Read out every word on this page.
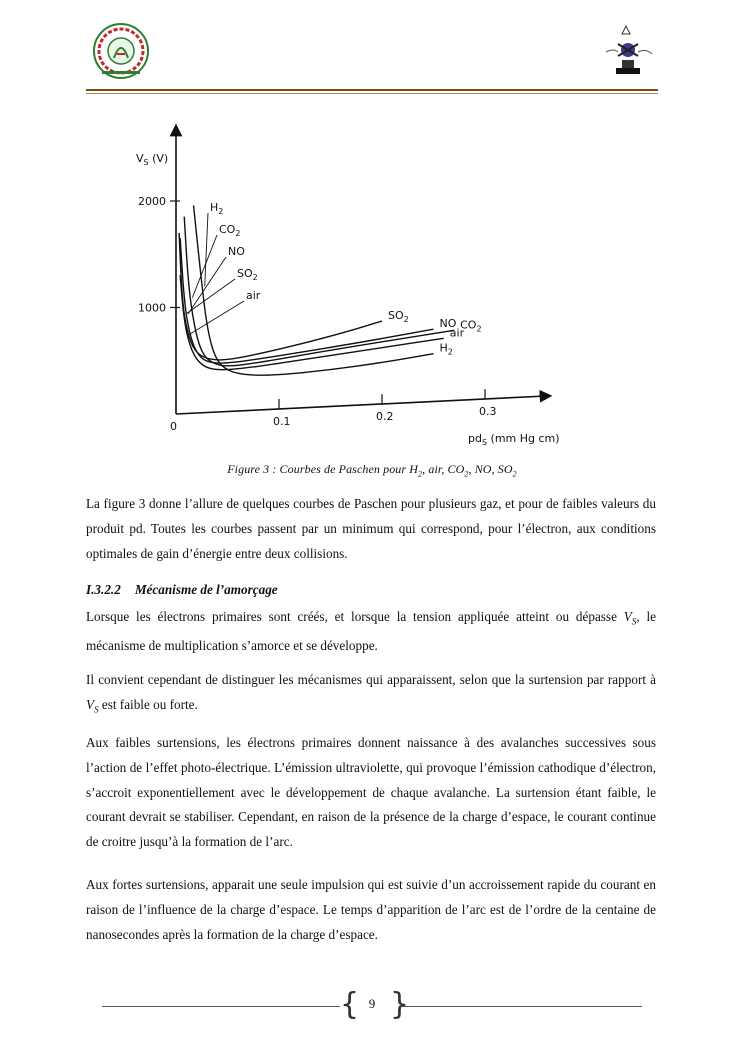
0	0.1	0.2	0.3
1000
2000
$H_2$
$H_2$
$CO_2$
$CO_2$
NO
NO
$SO_2$
$SO_2$
air
air
$V_S$ (V)
$pd_S$ (mm Hg cm)
Figure 3 : Courbes de Paschen pour $H_2$, air, $CO_2$, NO, $SO_2$
La figure 3 donne l’allure de quelques courbes de Paschen pour plusieurs gaz, et pour de faibles valeurs du produit pd. Toutes les courbes passent par un minimum qui correspond, pour l’électron, aux conditions optimales de gain d’énergie entre deux collisions.
I.3.2.2 Mécanisme de l’amorçage
Lorsque les électrons primaires sont créés, et lorsque la tension appliquée atteint ou dépasse $V_S$, le mécanisme de multiplication s’amorce et se développe.
Il convient cependant de distinguer les mécanismes qui apparaissent, selon que la surtension par rapport à $V_S$ est faible ou forte.
Aux faibles surtensions, les électrons primaires donnent naissance à des avalanches successives sous l’action de l’effet photo-électrique. L’émission ultraviolette, qui provoque l’émission cathodique d’électron, s’accroit exponentiellement avec le développement de chaque avalanche. La surtension étant faible, le courant devrait se stabiliser. Cependant, en raison de la présence de la charge d’espace, le courant continue de croitre jusqu’à la formation de l’arc.
Aux fortes surtensions, apparait une seule impulsion qui est suivie d’un accroissement rapide du courant en raison de l’influence de la charge d’espace. Le temps d’apparition de l’arc est de l’ordre de la centaine de nanosecondes après la formation de la charge d’espace.
{ }
9
